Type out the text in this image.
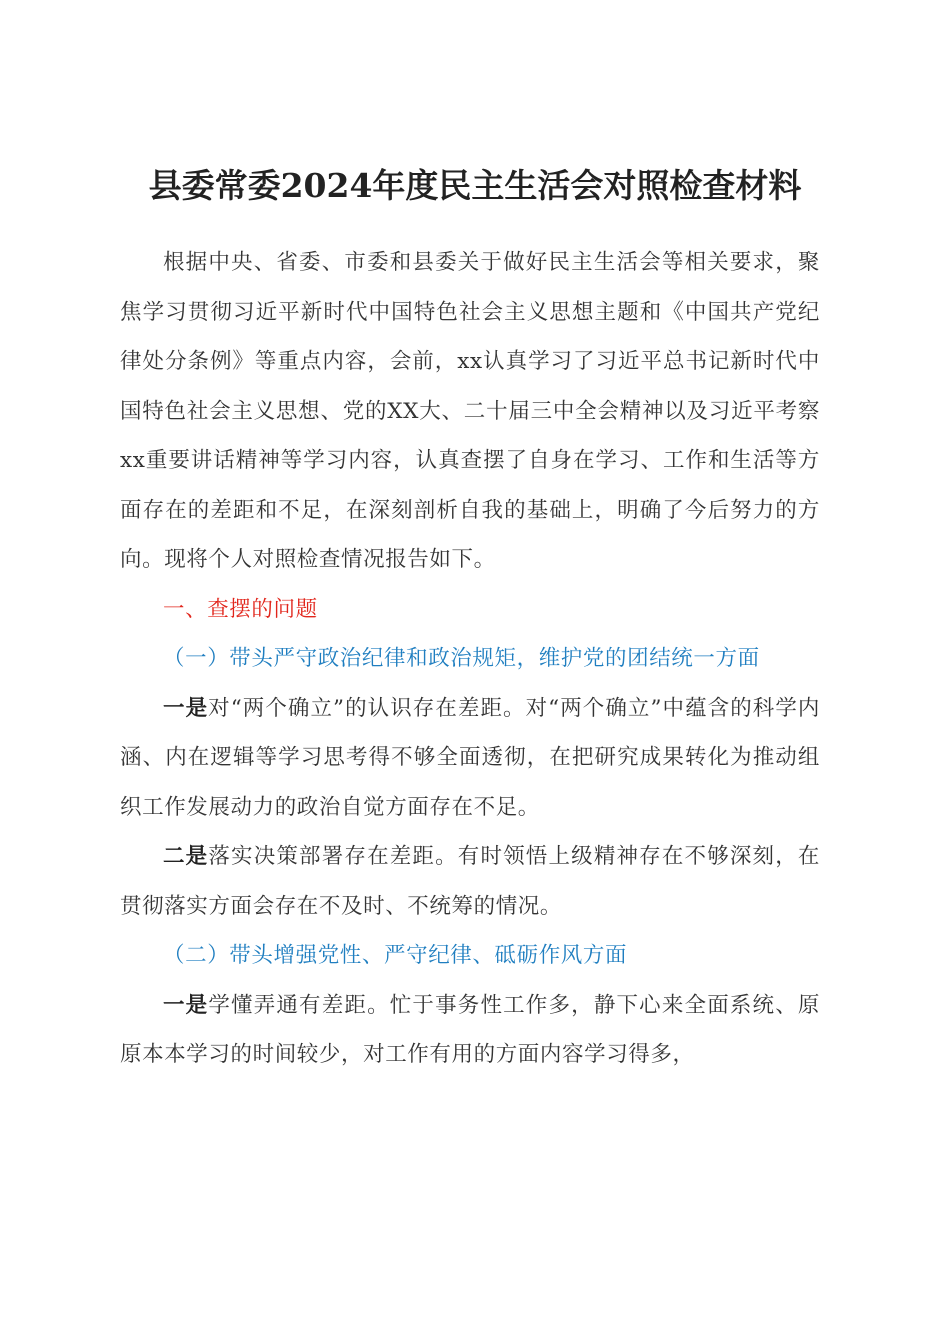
县委常委2024年度民主生活会对照检查材料

根据中央、省委、市委和县委关于做好民主生活会等相关要求，聚焦学习贯彻习近平新时代中国特色社会主义思想主题和《中国共产党纪律处分条例》等重点内容，会前，xx认真学习了习近平总书记新时代中国特色社会主义思想、党的XX大、二十届三中全会精神以及习近平考察xx重要讲话精神等学习内容，认真查摆了自身在学习、工作和生活等方面存在的差距和不足，在深刻剖析自我的基础上，明确了今后努力的方向。现将个人对照检查情况报告如下。

一、查摆的问题

（一）带头严守政治纪律和政治规矩，维护党的团结统一方面

一是对“两个确立”的认识存在差距。对“两个确立”中蕴含的科学内涵、内在逻辑等学习思考得不够全面透彻，在把研究成果转化为推动组织工作发展动力的政治自觉方面存在不足。

二是落实决策部署存在差距。有时领悟上级精神存在不够深刻，在贯彻落实方面会存在不及时、不统筹的情况。

（二）带头增强党性、严守纪律、砥砺作风方面

一是学懂弄通有差距。忙于事务性工作多，静下心来全面系统、原原本本学习的时间较少，对工作有用的方面内容学习得多，
